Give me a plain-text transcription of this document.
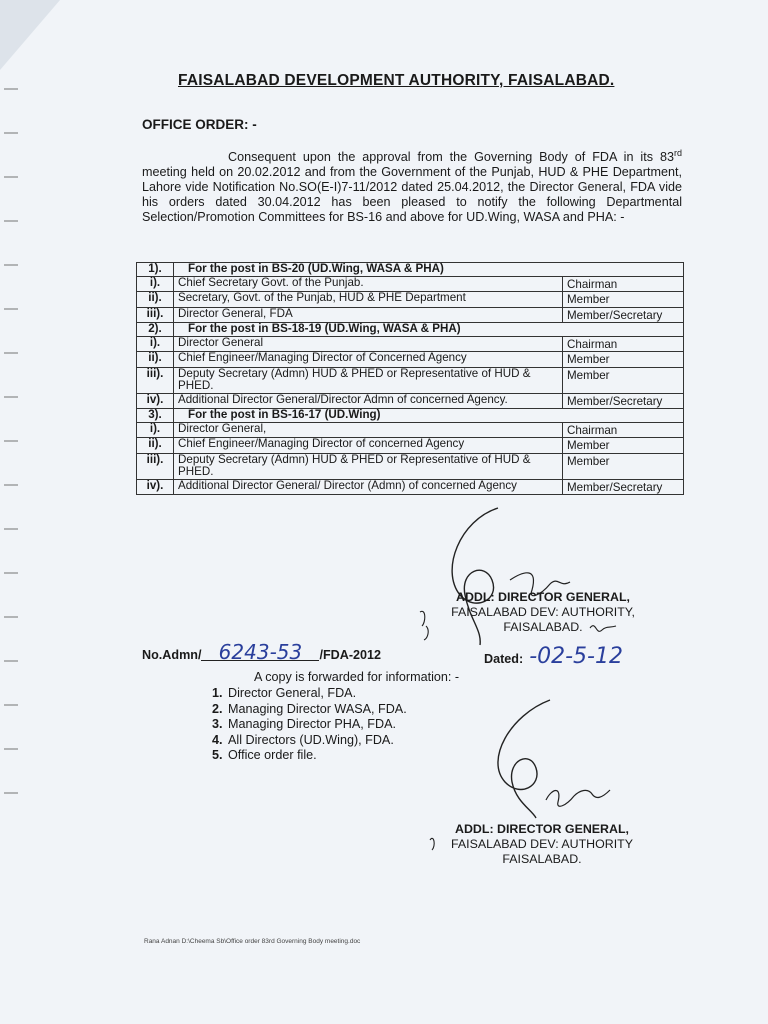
FAISALABAD DEVELOPMENT AUTHORITY, FAISALABAD.
OFFICE ORDER: -
Consequent upon the approval from the Governing Body of FDA in its 83rd meeting held on 20.02.2012 and from the Government of the Punjab, HUD & PHE Department, Lahore vide Notification No.SO(E-I)7-11/2012 dated 25.04.2012, the Director General, FDA vide his orders dated 30.04.2012 has been pleased to notify the following Departmental Selection/Promotion Committees for BS-16 and above for UD.Wing, WASA and PHA: -
1).	For the post in BS-20 (UD.Wing, WASA & PHA)	
i).	Chief Secretary Govt. of the Punjab.	Chairman
ii).	Secretary, Govt. of the Punjab, HUD & PHE Department	Member
iii).	Director General, FDA	Member/Secretary
2).	For the post in BS-18-19 (UD.Wing, WASA & PHA)	
i).	Director General	Chairman
ii).	Chief Engineer/Managing Director of Concerned Agency	Member
iii).	Deputy Secretary (Admn) HUD & PHED or Representative of HUD & PHED.	Member
iv).	Additional Director General/Director Admn of concerned Agency.	Member/Secretary
3).	For the post in BS-16-17 (UD.Wing)	
i).	Director General,	Chairman
ii).	Chief Engineer/Managing Director of concerned Agency	Member
iii).	Deputy Secretary (Admn) HUD & PHED or Representative of HUD & PHED.	Member
iv).	Additional Director General/ Director (Admn) of concerned Agency	Member/Secretary
ADDL: DIRECTOR GENERAL,
FAISALABAD DEV: AUTHORITY,
FAISALABAD.
No.Admn/ 6243-53 /FDA-2012	Dated: -02-5-12
A copy is forwarded for information: -
1. Director General, FDA.
2. Managing Director WASA, FDA.
3. Managing Director PHA, FDA.
4. All Directors (UD.Wing), FDA.
5. Office order file.
ADDL: DIRECTOR GENERAL,
FAISALABAD DEV: AUTHORITY
FAISALABAD.
Rana Adnan D:\Cheema Sb\Office order 83rd Governing Body meeting.doc
